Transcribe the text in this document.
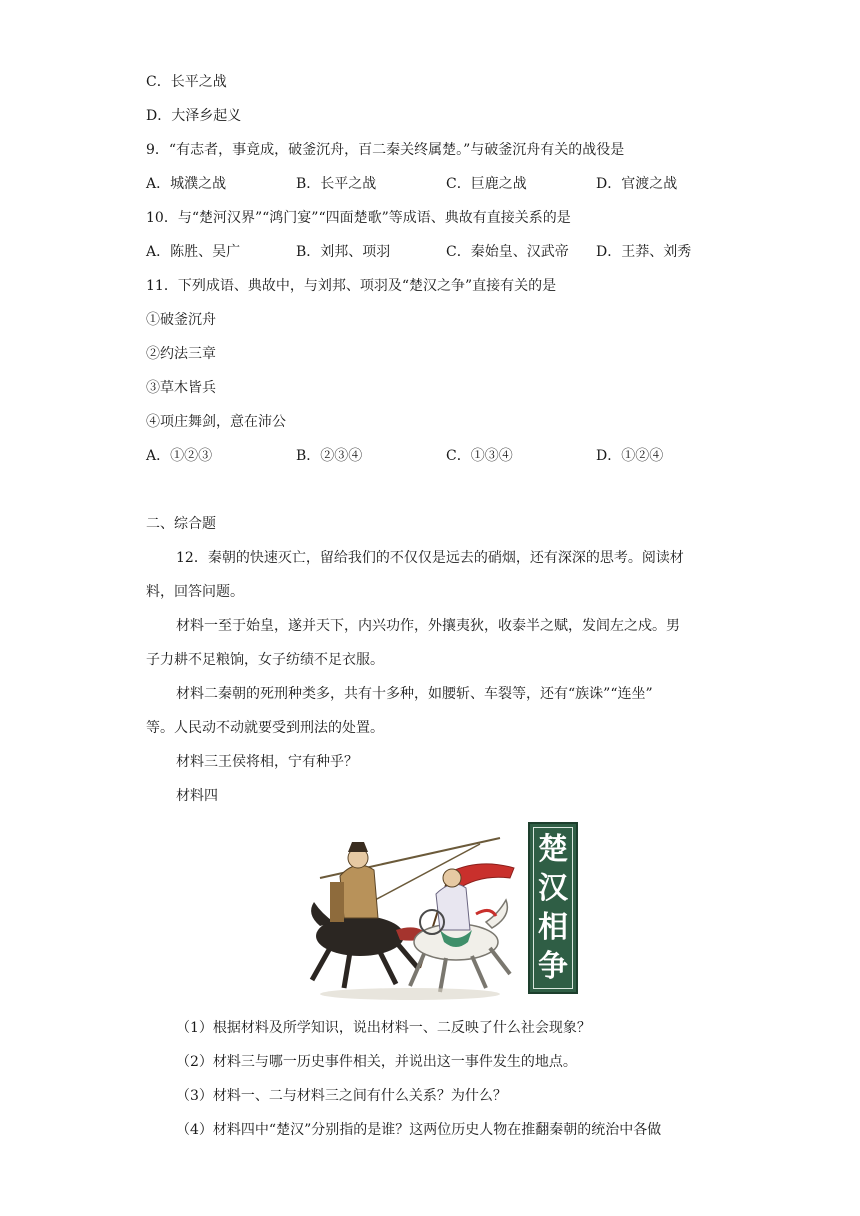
C．长平之战
D．大泽乡起义
9．“有志者，事竟成，破釜沉舟，百二秦关终属楚。”与破釜沉舟有关的战役是
A．城濮之战	B．长平之战	C．巨鹿之战	D．官渡之战
10．与“楚河汉界”“鸿门宴”“四面楚歌”等成语、典故有直接关系的是
A．陈胜、吴广	B．刘邦、项羽	C．秦始皇、汉武帝 D．王莽、刘秀
11．下列成语、典故中，与刘邦、项羽及“楚汉之争”直接有关的是
①破釜沉舟
②约法三章
③草木皆兵
④项庄舞剑，意在沛公
A．①②③	B．②③④	C．①③④	D．①②④
二、综合题
12．秦朝的快速灭亡，留给我们的不仅仅是远去的硝烟，还有深深的思考。阅读材
料，回答问题。
材料一至于始皇，遂并天下，内兴功作，外攘夷狄，收泰半之赋，发闾左之戍。男
子力耕不足粮饷，女子纺绩不足衣服。
材料二秦朝的死刑种类多，共有十多种，如腰斩、车裂等，还有“族诛”“连坐”
等。人民动不动就要受到刑法的处置。
材料三王侯将相，宁有种乎？
材料四
楚
汉
相
争
（1）根据材料及所学知识，说出材料一、二反映了什么社会现象？
（2）材料三与哪一历史事件相关，并说出这一事件发生的地点。
（3）材料一、二与材料三之间有什么关系？为什么？
（4）材料四中“楚汉”分别指的是谁？这两位历史人物在推翻秦朝的统治中各做
